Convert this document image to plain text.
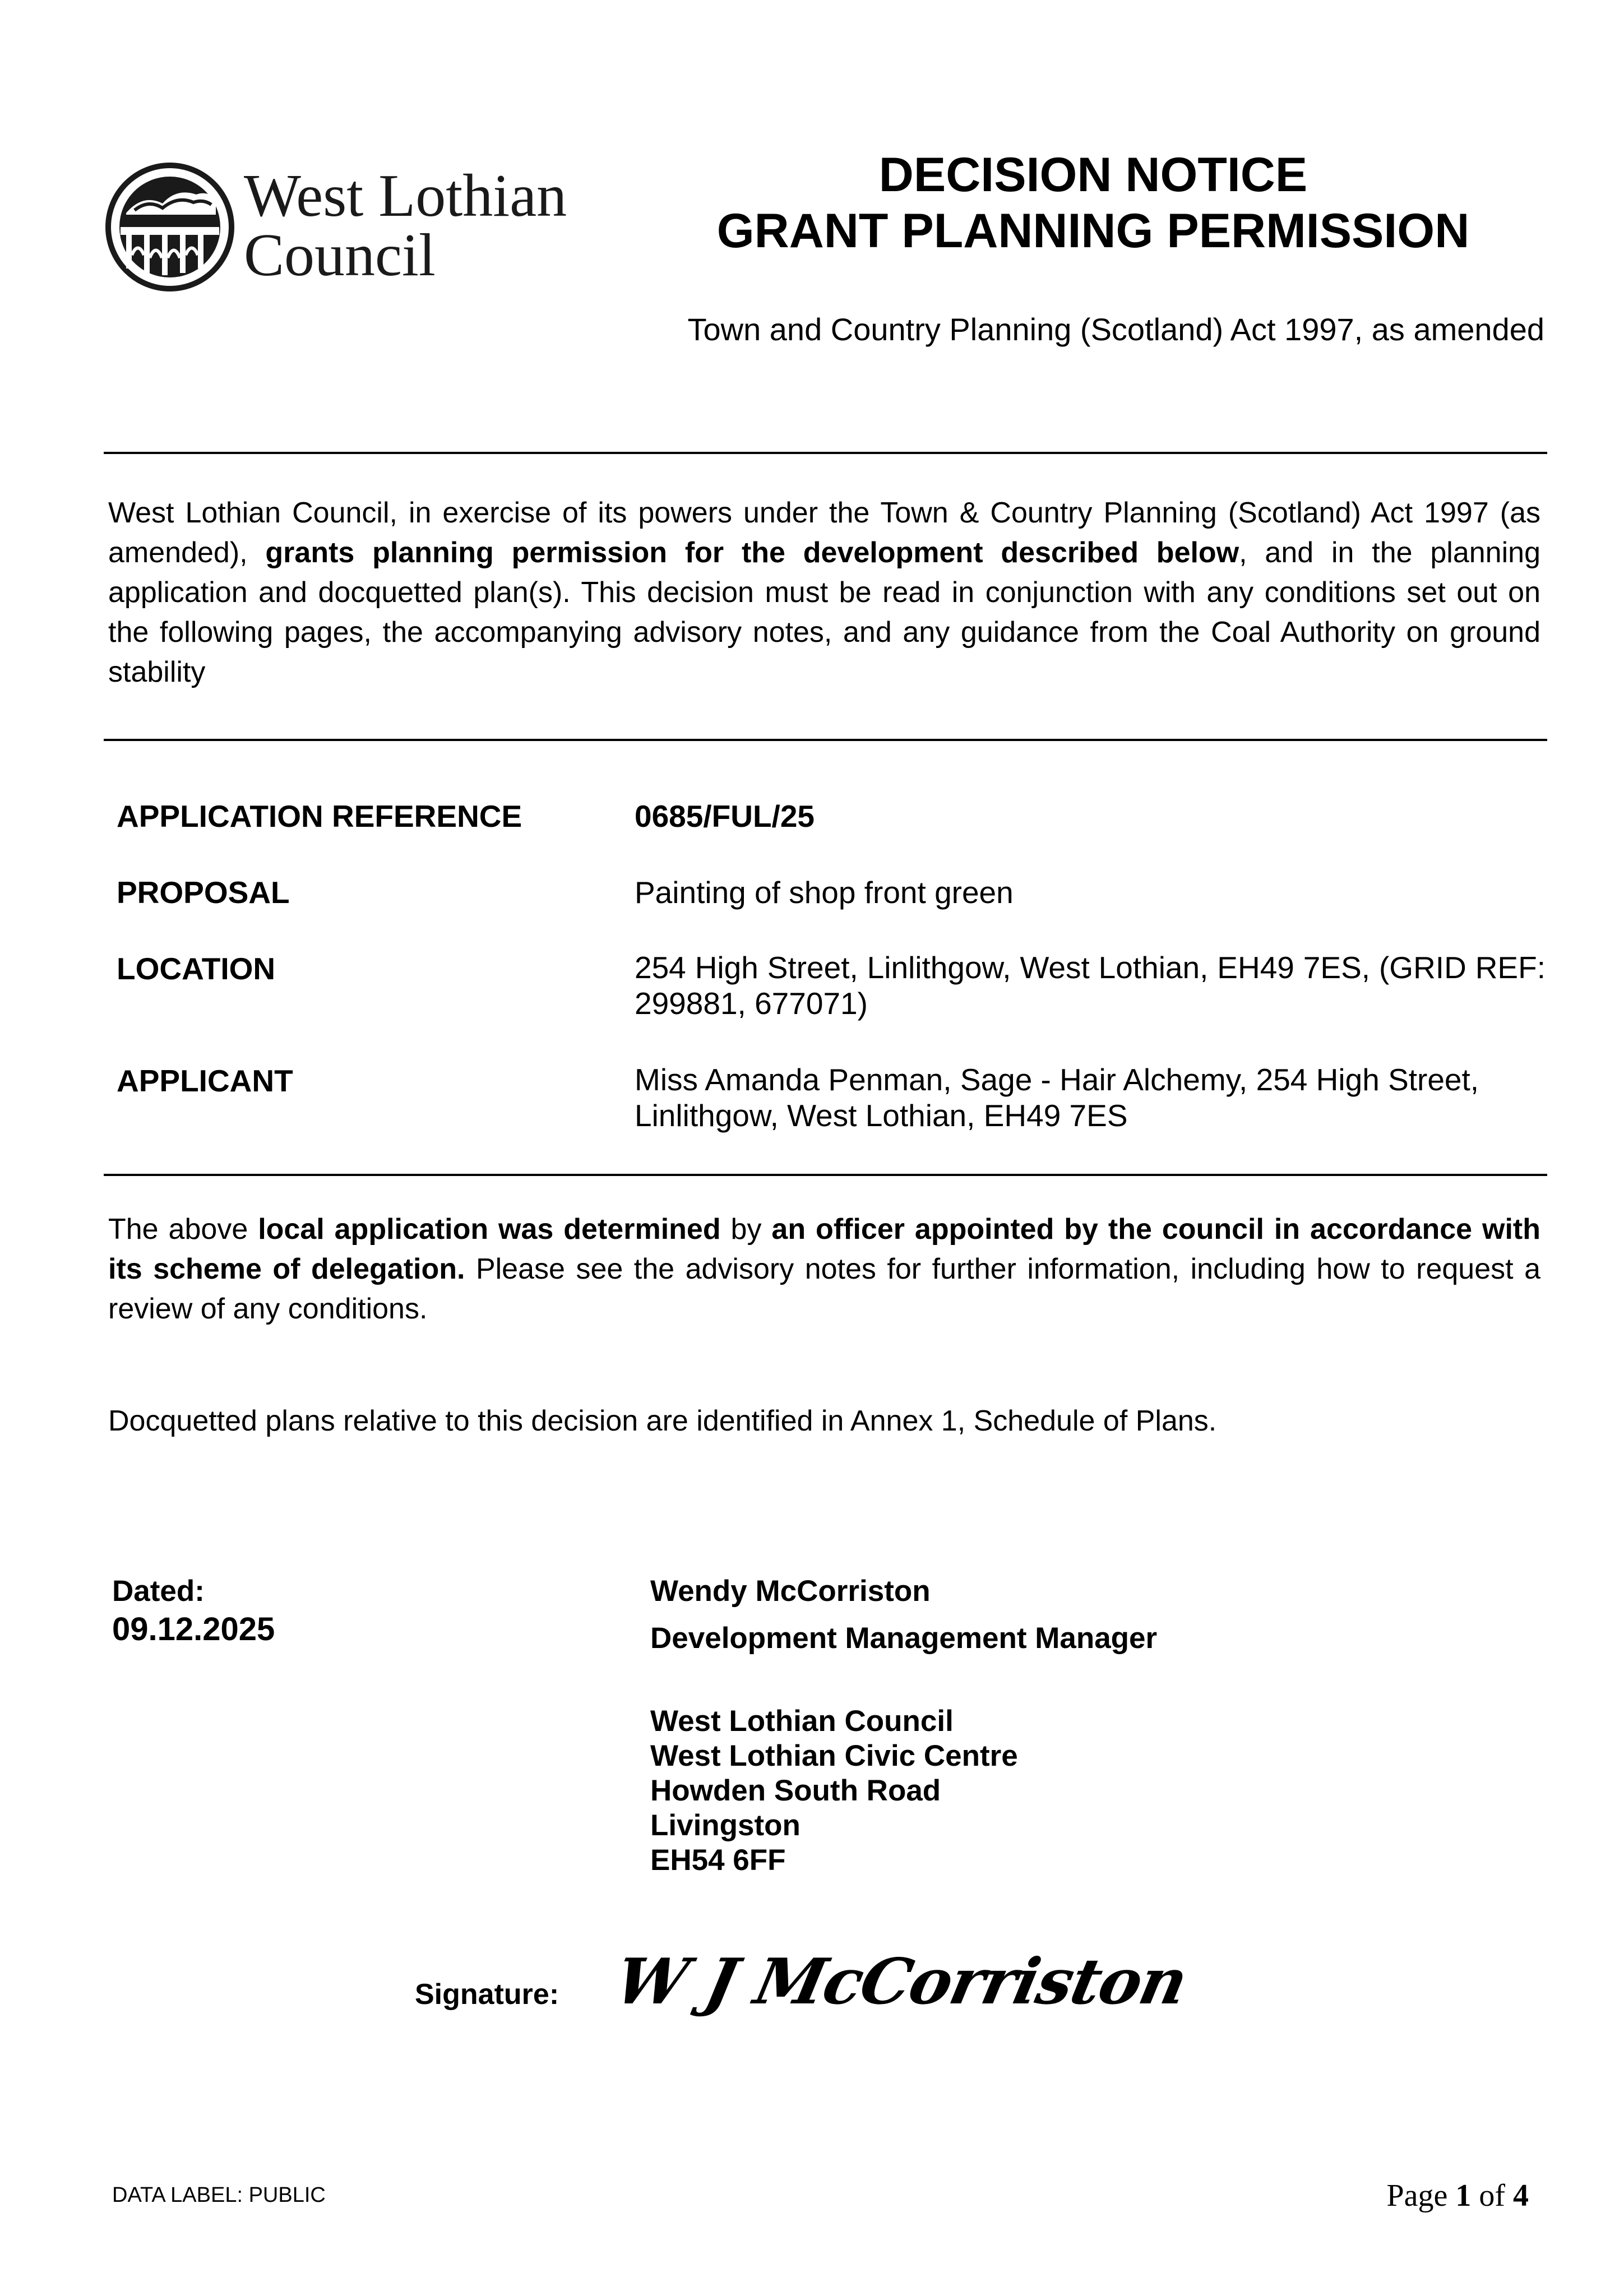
West Lothian
Council
DECISION NOTICE
GRANT PLANNING PERMISSION
Town and Country Planning (Scotland) Act 1997, as amended
West Lothian Council, in exercise of its powers under the Town & Country Planning (Scotland) Act 1997 (as amended), grants planning permission for the development described below, and in the planning application and docquetted plan(s). This decision must be read in conjunction with any conditions set out on the following pages, the accompanying advisory notes, and any guidance from the Coal Authority on ground stability
APPLICATION REFERENCE	0685/FUL/25
PROPOSAL	Painting of shop front green
LOCATION	254 High Street, Linlithgow, West Lothian, EH49 7ES, (GRID REF: 299881, 677071)
APPLICANT	Miss Amanda Penman, Sage - Hair Alchemy, 254 High Street, Linlithgow, West Lothian, EH49 7ES
The above local application was determined by an officer appointed by the council in accordance with its scheme of delegation. Please see the advisory notes for further information, including how to request a review of any conditions.
Docquetted plans relative to this decision are identified in Annex 1, Schedule of Plans.
Dated:
09.12.2025
Wendy McCorriston
Development Management Manager
West Lothian Council
West Lothian Civic Centre
Howden South Road
Livingston
EH54 6FF
Signature: W J McCorriston
DATA LABEL: PUBLIC	Page 1 of 4
